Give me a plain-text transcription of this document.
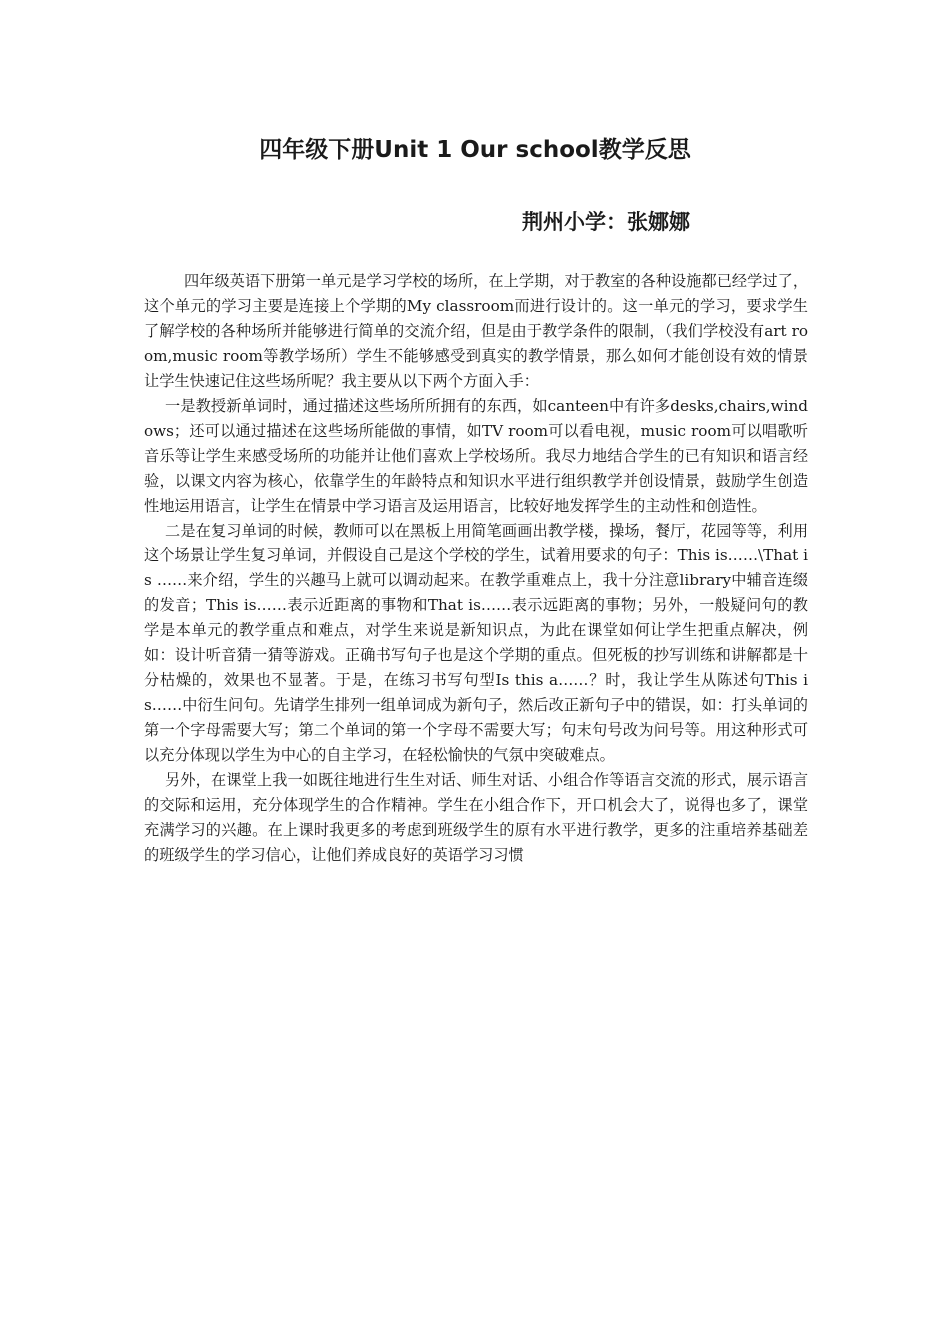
四年级下册Unit 1 Our school教学反思
荆州小学：张娜娜

四年级英语下册第一单元是学习学校的场所，在上学期，对于教室的各种设施都已经学过了，这个单元的学习主要是连接上个学期的My classroom而进行设计的。这一单元的学习，要求学生了解学校的各种场所并能够进行简单的交流介绍，但是由于教学条件的限制，（我们学校没有art room,music room等教学场所）学生不能够感受到真实的教学情景，那么如何才能创设有效的情景让学生快速记住这些场所呢？我主要从以下两个方面入手：

一是教授新单词时，通过描述这些场所所拥有的东西，如canteen中有许多desks,chairs,windows；还可以通过描述在这些场所能做的事情，如TV room可以看电视，music room可以唱歌听音乐等让学生来感受场所的功能并让他们喜欢上学校场所。我尽力地结合学生的已有知识和语言经验，以课文内容为核心，依靠学生的年龄特点和知识水平进行组织教学并创设情景，鼓励学生创造性地运用语言，让学生在情景中学习语言及运用语言，比较好地发挥学生的主动性和创造性。

二是在复习单词的时候，教师可以在黑板上用简笔画画出教学楼，操场，餐厅，花园等等，利用这个场景让学生复习单词，并假设自己是这个学校的学生，试着用要求的句子：This is……\That is ……来介绍，学生的兴趣马上就可以调动起来。在教学重难点上，我十分注意library中辅音连缀的发音；This is……表示近距离的事物和That is……表示远距离的事物；另外，一般疑问句的教学是本单元的教学重点和难点，对学生来说是新知识点，为此在课堂如何让学生把重点解决，例如：设计听音猜一猜等游戏。正确书写句子也是这个学期的重点。但死板的抄写训练和讲解都是十分枯燥的，效果也不显著。于是，在练习书写句型Is this a……？时，我让学生从陈述句This is……中衍生问句。先请学生排列一组单词成为新句子，然后改正新句子中的错误，如：打头单词的第一个字母需要大写；第二个单词的第一个字母不需要大写；句末句号改为问号等。用这种形式可以充分体现以学生为中心的自主学习，在轻松愉快的气氛中突破难点。

另外，在课堂上我一如既往地进行生生对话、师生对话、小组合作等语言交流的形式，展示语言的交际和运用，充分体现学生的合作精神。学生在小组合作下，开口机会大了，说得也多了，课堂充满学习的兴趣。在上课时我更多的考虑到班级学生的原有水平进行教学，更多的注重培养基础差的班级学生的学习信心，让他们养成良好的英语学习习惯
